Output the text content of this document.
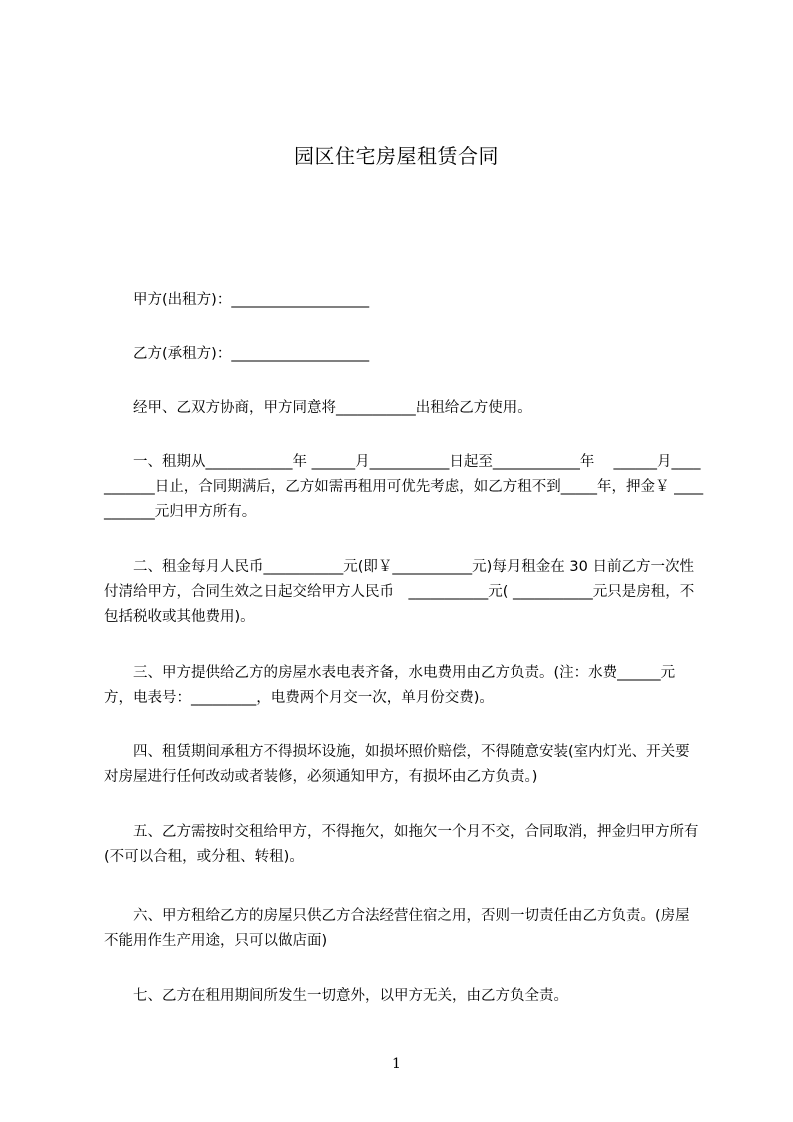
园区住宅房屋租赁合同

　　甲方(出租方)：___________________

　　乙方(承租方)：___________________

　　经甲、乙双方协商，甲方同意将___________出租给乙方使用。

　　一、租期从____________年 ______月___________日起至____________年　 ______月___________日止，合同期满后，乙方如需再租用可优先考虑，如乙方租不到_____年，押金￥ ___________元归甲方所有。

　　二、租金每月人民币___________元(即￥___________元)每月租金在 30 日前乙方一次性付清给甲方，合同生效之日起交给甲方人民币　___________元( ___________元只是房租，不包括税收或其他费用)。

　　三、甲方提供给乙方的房屋水表电表齐备，水电费用由乙方负责。(注：水费______元方，电表号：_________，电费两个月交一次，单月份交费)。

　　四、租赁期间承租方不得损坏设施，如损坏照价赔偿，不得随意安装(室内灯光、开关要对房屋进行任何改动或者装修，必须通知甲方，有损坏由乙方负责。)

　　五、乙方需按时交租给甲方，不得拖欠，如拖欠一个月不交，合同取消，押金归甲方所有(不可以合租，或分租、转租)。

　　六、甲方租给乙方的房屋只供乙方合法经营住宿之用，否则一切责任由乙方负责。(房屋不能用作生产用途，只可以做店面)

　　七、乙方在租用期间所发生一切意外，以甲方无关，由乙方负全责。

1
